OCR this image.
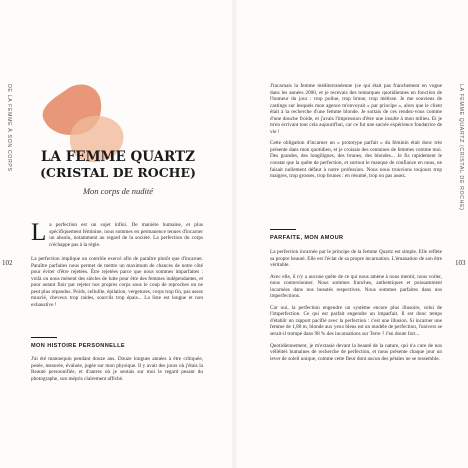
DE LA FEMME À SON CORPS	LA FEMME QUARTZ (CRISTAL DE ROCHE)
102	103
LA FEMME QUARTZ
(CRISTAL DE ROCHE)
Mon corps de nudité
La perfection est un sujet infini. De manière humaine, et plus spécifiquement féminine, nous sommes en permanence tenues d'incarner un absolu, notamment au regard de la société. La perfection du corps n'échappe pas à la règle.

La perfection implique un contrôle exercé afin de paraître plutôt que d'incarner. Paraître parfaites nous permet de mettre un maximum de chances de notre côté pour éviter d'être rejetées. Être rejetées parce que nous sommes imparfaites : voilà ou nous mènent des siècles de lutte pour être des femmes indépendantes, et pour autant finir par rejeter nos propres corps sous le coup de reproches on ne peut plus répandus. Poids, cellulite, épilation, vergetures, corps trop fin, pas assez musclé, cheveux trop raides, sourcils trop épais... La liste est longue et non exhaustive !

MON HISTOIRE PERSONNELLE

J'ai été mannequin pendant douze ans. Douze longues années à être critiquée, pesée, mesurée, évaluée, jugée sur mon physique. Il y avait des jours où j'étais la Beauté personnifiée, et d'autres où je sentais sur moi le regard pesant du photographe, son mépris clairement affiché.

J'incarnais la femme méditerranéenne (ce qui était pas franchement en vogue dans les années 2000, et je recevais des remarques quotidiennes en fonction de l'humeur du jour : trop poilue, trop brune, trop métisse. Je me souviens de castings sur lesquels mon agence m'envoyait « par principe », alors que le client était à la recherche d'une femme blonde. Je sortais de ces rendez-vous comme d'une douche froide, et j'avais l'impression d'être une insulte à mon milieu. Et je m'en écrivant tout cela aujourd'hui, car ce fut une sacrée expérience fondatrice de vie !

Cette obligation d'incarner un « prototype parfait » du féminin était donc très présente dans mon quotidien, et je croisais des centaines de femmes comme moi. Des grandes, des longilignes, des brunes, des blondes... Je fis rapidement le constat que la quête de perfection, et surtout le manque de confiance en nous, ne faisait nullement défaut à notre profession. Nous nous trouvions toujours trop maigres, trop grosses, trop brunes : en résumé, trop ou pas assez.

PARFAITE, MON AMOUR

La perfection incarnée par le principe de la femme Quartz est simple. Elle reflète sa propre beauté. Elle est l'éclat de sa propre incarnation. L'émanation de son être véritable.

Avec elle, il n'y a aucune quête de ce qui nous amène à nous mentir, nous voiler, nous contorsionner. Nous sommes franches, authentiques et puissamment incarnées dans nos beautés respectives. Nous sommes parfaites dans nos imperfections.

Car oui, la perfection engendre un système encore plus illusoire, celui de l'imperfection. Ce qui est parfait engendre un imparfait. Il est donc temps d'établir un rapport pacifié avec la perfection : c'est une illusion. Si incarner une femme de 1,80 m, blonde aux yeux bleus est un modèle de perfection, l'univers se serait-il trompé dans 98 % des incarnations sur Terre ? J'en doute fort...

Quotidiennement, je m'extasie devant la beauté de la nature, qui n'a cure de nos vélléités humaines de recherche de perfection, et nous présente chaque jour un lever de soleil unique, comme cette fleur dont aucun des pétales ne se ressemble.
